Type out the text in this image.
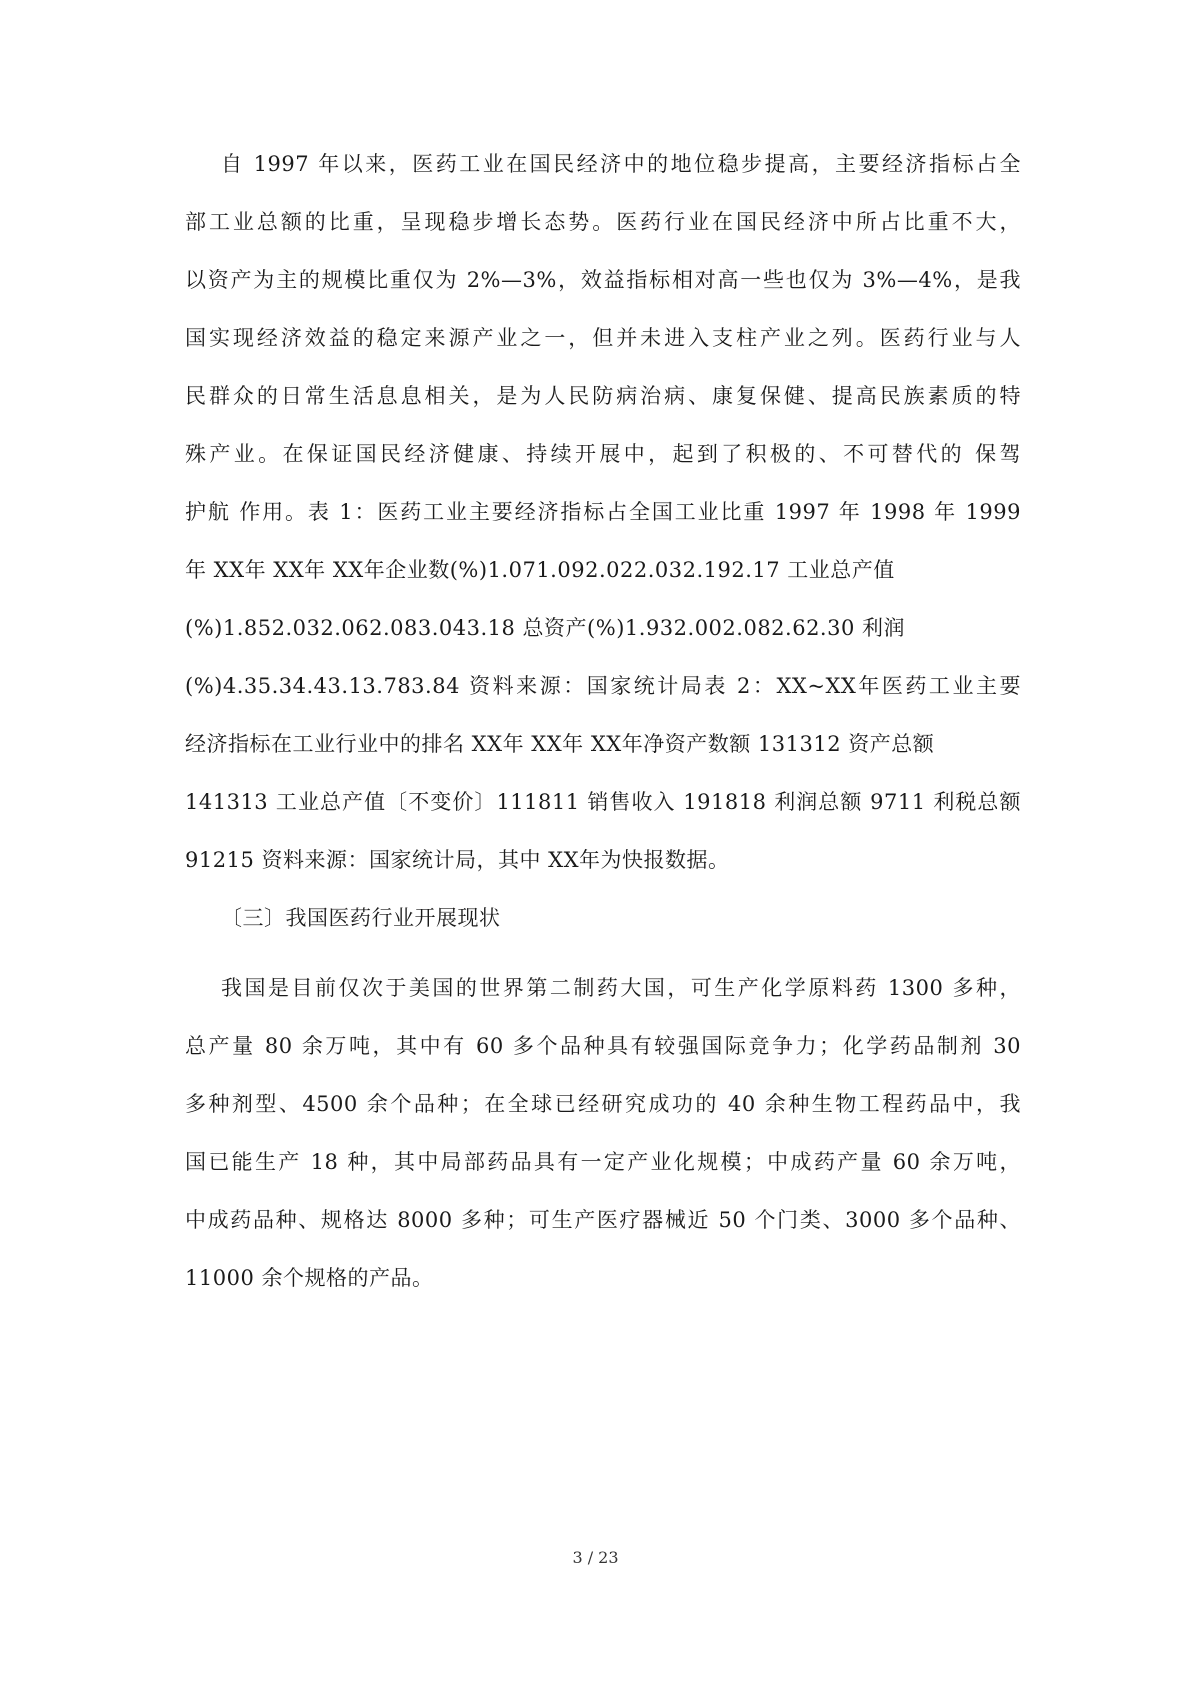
自 1997 年以来，医药工业在国民经济中的地位稳步提高，主要经济指标占全
部工业总额的比重，呈现稳步增长态势。医药行业在国民经济中所占比重不大，
以资产为主的规模比重仅为 2%—3%，效益指标相对高一些也仅为 3%—4%，是我
国实现经济效益的稳定来源产业之一，但并未进入支柱产业之列。医药行业与人
民群众的日常生活息息相关，是为人民防病治病、康复保健、提高民族素质的特
殊产业。在保证国民经济健康、持续开展中，起到了积极的、不可替代的 保驾
护航 作用。表 1：医药工业主要经济指标占全国工业比重 1997 年 1998 年 1999
年 XX年 XX年 XX年企业数(%)1.071.092.022.032.192.17 工业总产值
(%)1.852.032.062.083.043.18 总资产(%)1.932.002.082.62.30 利润
(%)4.35.34.43.13.783.84 资料来源：国家统计局表 2：XX~XX年医药工业主要
经济指标在工业行业中的排名 XX年 XX年 XX年净资产数额 131312 资产总额
141313 工业总产值〔不变价〕111811 销售收入 191818 利润总额 9711 利税总额
91215 资料来源：国家统计局，其中 XX年为快报数据。
〔三〕我国医药行业开展现状
我国是目前仅次于美国的世界第二制药大国，可生产化学原料药 1300 多种，
总产量 80 余万吨，其中有 60 多个品种具有较强国际竞争力；化学药品制剂 30
多种剂型、4500 余个品种；在全球已经研究成功的 40 余种生物工程药品中，我
国已能生产 18 种，其中局部药品具有一定产业化规模；中成药产量 60 余万吨，
中成药品种、规格达 8000 多种；可生产医疗器械近 50 个门类、3000 多个品种、
11000 余个规格的产品。
3 / 23
